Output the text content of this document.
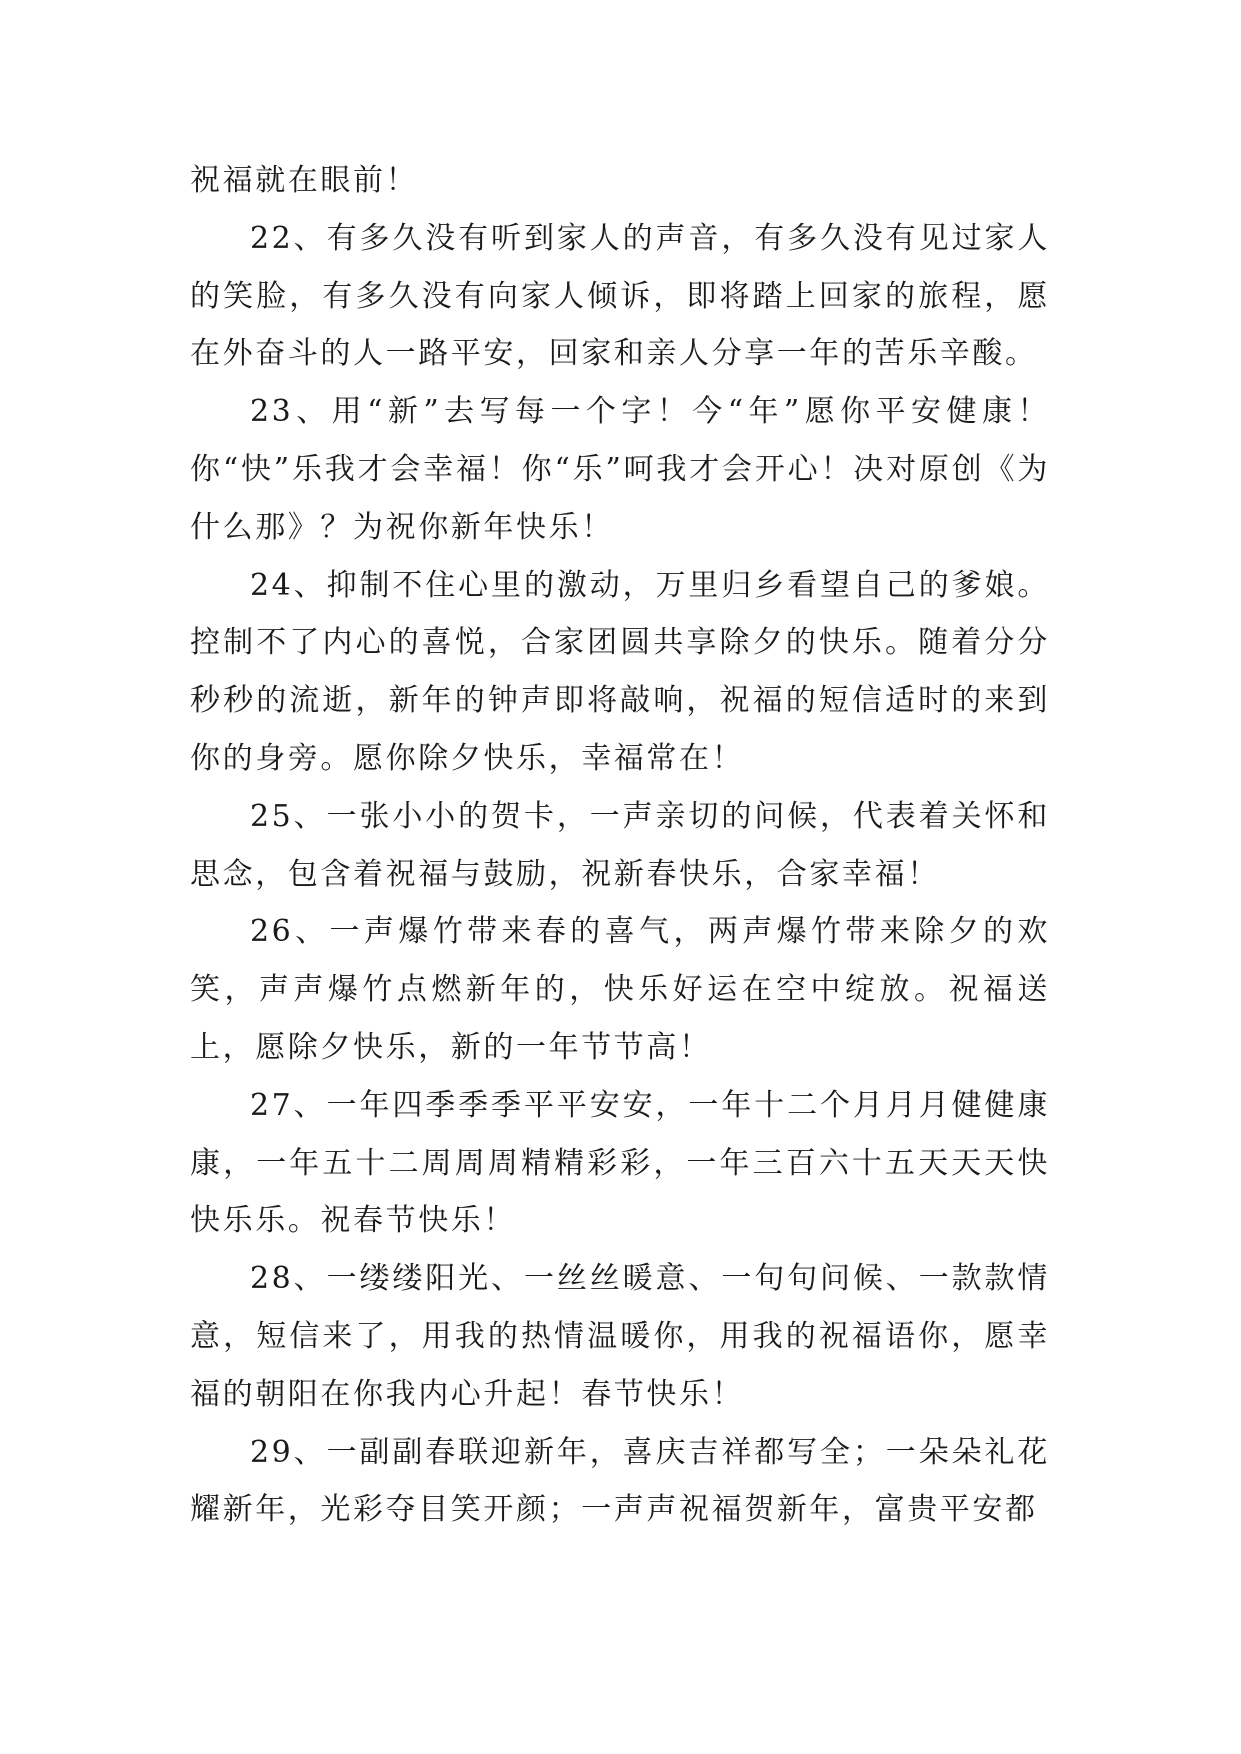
祝福就在眼前！

22、有多久没有听到家人的声音，有多久没有见过家人的笑脸，有多久没有向家人倾诉，即将踏上回家的旅程，愿在外奋斗的人一路平安，回家和亲人分享一年的苦乐辛酸。

23、用“新”去写每一个字！今“年”愿你平安健康！你“快”乐我才会幸福！你“乐”呵我才会开心！决对原创《为什么那》？为祝你新年快乐！

24、抑制不住心里的激动，万里归乡看望自己的爹娘。控制不了内心的喜悦，合家团圆共享除夕的快乐。随着分分秒秒的流逝，新年的钟声即将敲响，祝福的短信适时的来到你的身旁。愿你除夕快乐，幸福常在！

25、一张小小的贺卡，一声亲切的问候，代表着关怀和思念，包含着祝福与鼓励，祝新春快乐，合家幸福！

26、一声爆竹带来春的喜气，两声爆竹带来除夕的欢笑，声声爆竹点燃新年的，快乐好运在空中绽放。祝福送上，愿除夕快乐，新的一年节节高！

27、一年四季季季平平安安，一年十二个月月月健健康康，一年五十二周周周精精彩彩，一年三百六十五天天天快快乐乐。祝春节快乐！

28、一缕缕阳光、一丝丝暖意、一句句问候、一款款情意，短信来了，用我的热情温暖你，用我的祝福语你，愿幸福的朝阳在你我内心升起！春节快乐！

29、一副副春联迎新年，喜庆吉祥都写全；一朵朵礼花耀新年，光彩夺目笑开颜；一声声祝福贺新年，富贵平安都
